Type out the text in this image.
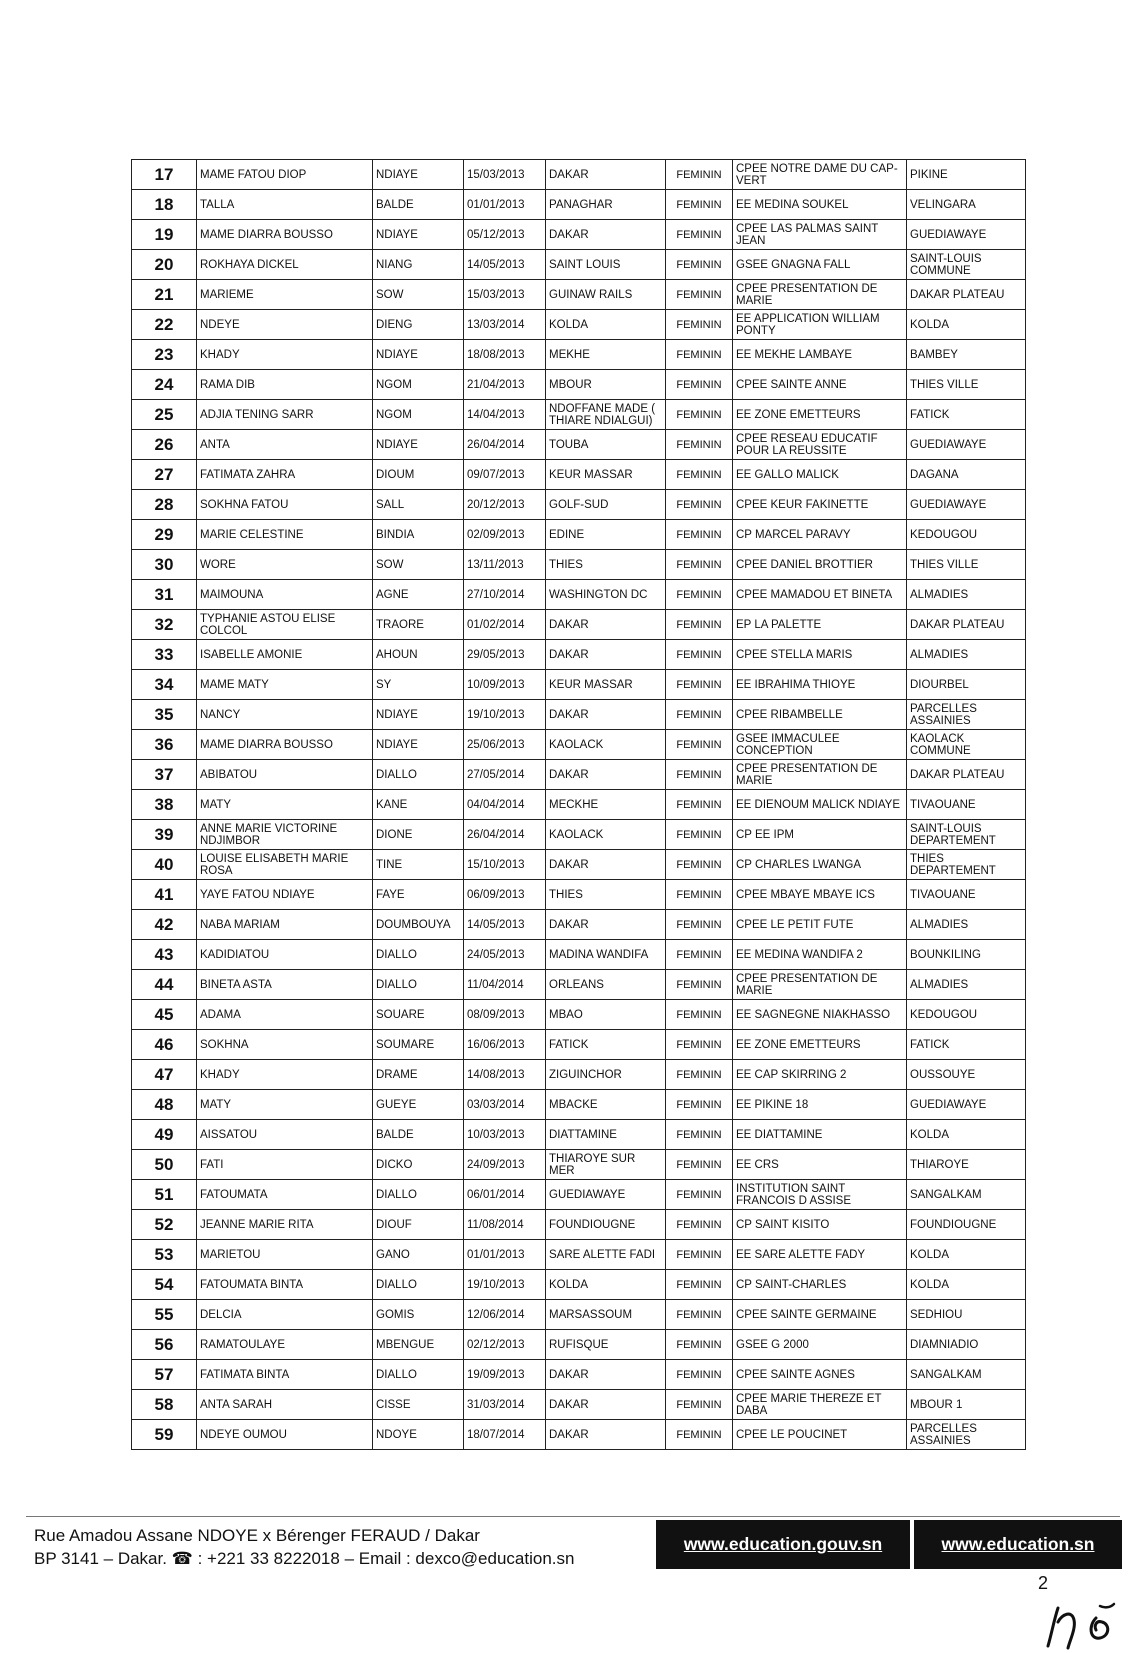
17	MAME FATOU DIOP	NDIAYE	15/03/2013	DAKAR	FEMININ	CPEE NOTRE DAME DU CAP-VERT	PIKINE
18	TALLA	BALDE	01/01/2013	PANAGHAR	FEMININ	EE MEDINA SOUKEL	VELINGARA
19	MAME DIARRA BOUSSO	NDIAYE	05/12/2013	DAKAR	FEMININ	CPEE LAS PALMAS SAINT JEAN	GUEDIAWAYE
20	ROKHAYA DICKEL	NIANG	14/05/2013	SAINT LOUIS	FEMININ	GSEE GNAGNA FALL	SAINT-LOUIS COMMUNE
21	MARIEME	SOW	15/03/2013	GUINAW RAILS	FEMININ	CPEE PRESENTATION DE MARIE	DAKAR PLATEAU
22	NDEYE	DIENG	13/03/2014	KOLDA	FEMININ	EE APPLICATION WILLIAM PONTY	KOLDA
23	KHADY	NDIAYE	18/08/2013	MEKHE	FEMININ	EE MEKHE LAMBAYE	BAMBEY
24	RAMA DIB	NGOM	21/04/2013	MBOUR	FEMININ	CPEE SAINTE ANNE	THIES VILLE
25	ADJIA TENING SARR	NGOM	14/04/2013	NDOFFANE MADE ( THIARE NDIALGUI)	FEMININ	EE ZONE EMETTEURS	FATICK
26	ANTA	NDIAYE	26/04/2014	TOUBA	FEMININ	CPEE RESEAU EDUCATIF POUR LA REUSSITE	GUEDIAWAYE
27	FATIMATA ZAHRA	DIOUM	09/07/2013	KEUR MASSAR	FEMININ	EE GALLO MALICK	DAGANA
28	SOKHNA FATOU	SALL	20/12/2013	GOLF-SUD	FEMININ	CPEE KEUR FAKINETTE	GUEDIAWAYE
29	MARIE CELESTINE	BINDIA	02/09/2013	EDINE	FEMININ	CP MARCEL PARAVY	KEDOUGOU
30	WORE	SOW	13/11/2013	THIES	FEMININ	CPEE DANIEL BROTTIER	THIES VILLE
31	MAIMOUNA	AGNE	27/10/2014	WASHINGTON DC	FEMININ	CPEE MAMADOU ET BINETA	ALMADIES
32	TYPHANIE ASTOU ELISE COLCOL	TRAORE	01/02/2014	DAKAR	FEMININ	EP LA PALETTE	DAKAR PLATEAU
33	ISABELLE AMONIE	AHOUN	29/05/2013	DAKAR	FEMININ	CPEE STELLA MARIS	ALMADIES
34	MAME MATY	SY	10/09/2013	KEUR MASSAR	FEMININ	EE IBRAHIMA THIOYE	DIOURBEL
35	NANCY	NDIAYE	19/10/2013	DAKAR	FEMININ	CPEE RIBAMBELLE	PARCELLES ASSAINIES
36	MAME DIARRA BOUSSO	NDIAYE	25/06/2013	KAOLACK	FEMININ	GSEE IMMACULEE CONCEPTION	KAOLACK COMMUNE
37	ABIBATOU	DIALLO	27/05/2014	DAKAR	FEMININ	CPEE PRESENTATION DE MARIE	DAKAR PLATEAU
38	MATY	KANE	04/04/2014	MECKHE	FEMININ	EE DIENOUM MALICK NDIAYE	TIVAOUANE
39	ANNE MARIE VICTORINE NDJIMBOR	DIONE	26/04/2014	KAOLACK	FEMININ	CP EE IPM	SAINT-LOUIS DEPARTEMENT
40	LOUISE ELISABETH MARIE ROSA	TINE	15/10/2013	DAKAR	FEMININ	CP CHARLES LWANGA	THIES DEPARTEMENT
41	YAYE FATOU NDIAYE	FAYE	06/09/2013	THIES	FEMININ	CPEE MBAYE MBAYE ICS	TIVAOUANE
42	NABA MARIAM	DOUMBOUYA	14/05/2013	DAKAR	FEMININ	CPEE LE PETIT FUTE	ALMADIES
43	KADIDIATOU	DIALLO	24/05/2013	MADINA WANDIFA	FEMININ	EE MEDINA WANDIFA 2	BOUNKILING
44	BINETA ASTA	DIALLO	11/04/2014	ORLEANS	FEMININ	CPEE PRESENTATION DE MARIE	ALMADIES
45	ADAMA	SOUARE	08/09/2013	MBAO	FEMININ	EE SAGNEGNE NIAKHASSO	KEDOUGOU
46	SOKHNA	SOUMARE	16/06/2013	FATICK	FEMININ	EE ZONE EMETTEURS	FATICK
47	KHADY	DRAME	14/08/2013	ZIGUINCHOR	FEMININ	EE CAP SKIRRING 2	OUSSOUYE
48	MATY	GUEYE	03/03/2014	MBACKE	FEMININ	EE PIKINE 18	GUEDIAWAYE
49	AISSATOU	BALDE	10/03/2013	DIATTAMINE	FEMININ	EE DIATTAMINE	KOLDA
50	FATI	DICKO	24/09/2013	THIAROYE SUR MER	FEMININ	EE CRS	THIAROYE
51	FATOUMATA	DIALLO	06/01/2014	GUEDIAWAYE	FEMININ	INSTITUTION SAINT FRANCOIS D ASSISE	SANGALKAM
52	JEANNE MARIE RITA	DIOUF	11/08/2014	FOUNDIOUGNE	FEMININ	CP SAINT KISITO	FOUNDIOUGNE
53	MARIETOU	GANO	01/01/2013	SARE ALETTE FADI	FEMININ	EE SARE ALETTE FADY	KOLDA
54	FATOUMATA BINTA	DIALLO	19/10/2013	KOLDA	FEMININ	CP SAINT-CHARLES	KOLDA
55	DELCIA	GOMIS	12/06/2014	MARSASSOUM	FEMININ	CPEE SAINTE GERMAINE	SEDHIOU
56	RAMATOULAYE	MBENGUE	02/12/2013	RUFISQUE	FEMININ	GSEE G 2000	DIAMNIADIO
57	FATIMATA BINTA	DIALLO	19/09/2013	DAKAR	FEMININ	CPEE SAINTE AGNES	SANGALKAM
58	ANTA SARAH	CISSE	31/03/2014	DAKAR	FEMININ	CPEE MARIE THEREZE ET DABA	MBOUR 1
59	NDEYE OUMOU	NDOYE	18/07/2014	DAKAR	FEMININ	CPEE LE POUCINET	PARCELLES ASSAINIES
Rue Amadou Assane NDOYE x Bérenger FERAUD / Dakar
BP 3141 – Dakar. ☎ : +221 33 8222018 – Email : dexco@education.sn
www.education.gouv.sn	www.education.sn
2
